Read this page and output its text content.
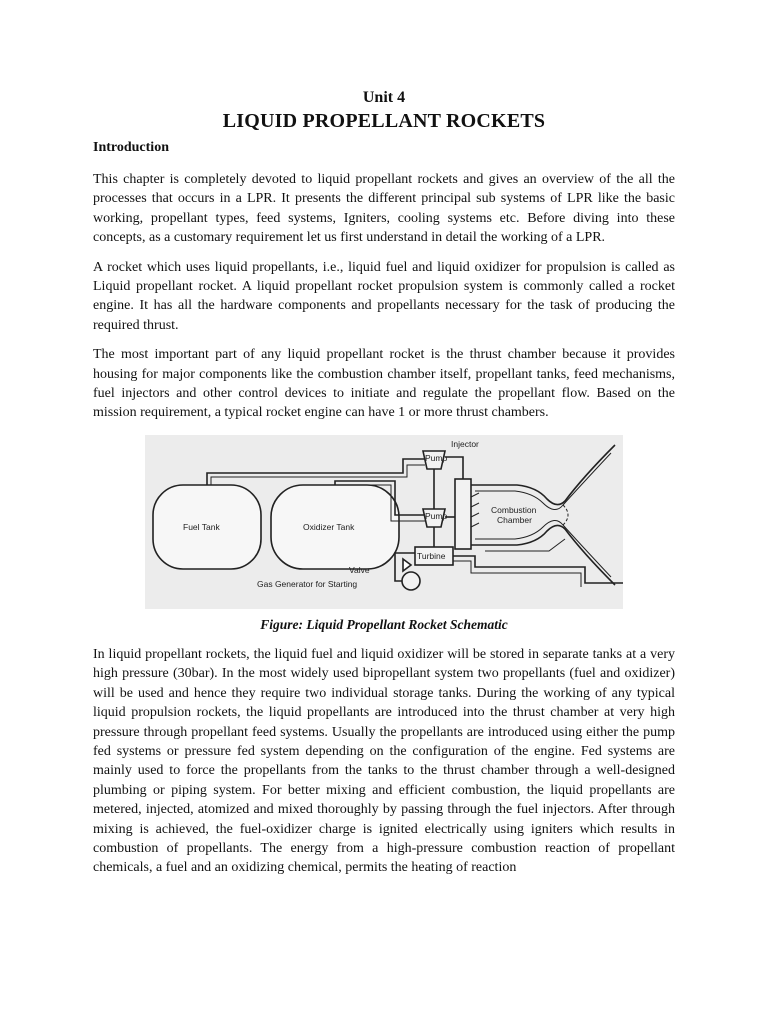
Unit 4
LIQUID PROPELLANT ROCKETS
Introduction

This chapter is completely devoted to liquid propellant rockets and gives an overview of the all the processes that occurs in a LPR. It presents the different principal sub systems of LPR like the basic working, propellant types, feed systems, Igniters, cooling systems etc. Before diving into these concepts, as a customary requirement let us first understand in detail the working of a LPR.

A rocket which uses liquid propellants, i.e., liquid fuel and liquid oxidizer for propulsion is called as Liquid propellant rocket. A liquid propellant rocket propulsion system is commonly called a rocket engine. It has all the hardware components and propellants necessary for the task of producing the required thrust.

The most important part of any liquid propellant rocket is the thrust chamber because it provides housing for major components like the combustion chamber itself, propellant tanks, feed mechanisms, fuel injectors and other control devices to initiate and regulate the propellant flow. Based on the mission requirement, a typical rocket engine can have 1 or more thrust chambers.

Fuel Tank	Oxidizer Tank
Injector
Pump
Pump
Combustion
Chamber
Turbine
Valve
Gas Generator for Starting
Figure: Liquid Propellant Rocket Schematic

In liquid propellant rockets, the liquid fuel and liquid oxidizer will be stored in separate tanks at a very high pressure (30bar). In the most widely used bipropellant system two propellants (fuel and oxidizer) will be used and hence they require two individual storage tanks. During the working of any typical liquid propulsion rockets, the liquid propellants are introduced into the thrust chamber at very high pressure through propellant feed systems. Usually the propellants are introduced using either the pump fed systems or pressure fed system depending on the configuration of the engine. Fed systems are mainly used to force the propellants from the tanks to the thrust chamber through a well-designed plumbing or piping system. For better mixing and efficient combustion, the liquid propellants are metered, injected, atomized and mixed thoroughly by passing through the fuel injectors. After through mixing is achieved, the fuel-oxidizer charge is ignited electrically using igniters which results in combustion of propellants. The energy from a high-pressure combustion reaction of propellant chemicals, a fuel and an oxidizing chemical, permits the heating of reaction
